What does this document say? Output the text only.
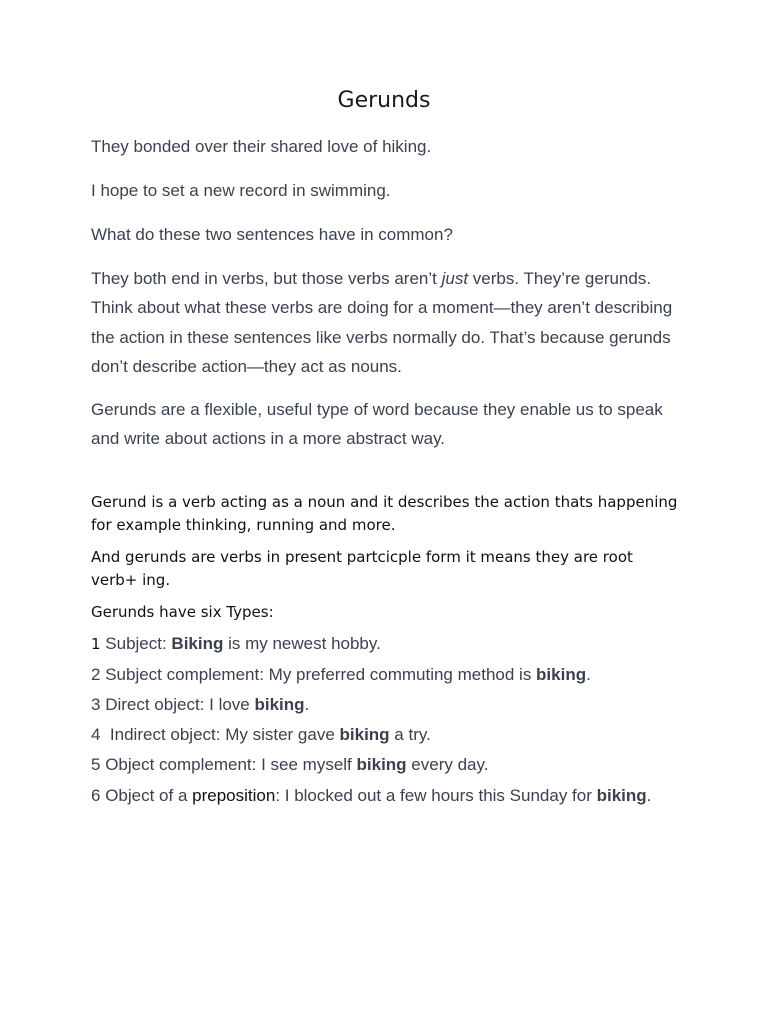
Gerunds

They bonded over their shared love of hiking.

I hope to set a new record in swimming.

What do these two sentences have in common?

They both end in verbs, but those verbs aren’t just verbs. They’re gerunds. Think about what these verbs are doing for a moment—they aren’t describing the action in these sentences like verbs normally do. That’s because gerunds don’t describe action—they act as nouns.

Gerunds are a flexible, useful type of word because they enable us to speak and write about actions in a more abstract way.

Gerund is a verb acting as a noun and it describes the action thats happening for example thinking, running and more.

And gerunds are verbs in present partcicple form it means they are root verb+ ing.

Gerunds have six Types:

1 Subject: Biking is my newest hobby.

2 Subject complement: My preferred commuting method is biking.

3 Direct object: I love biking.

4  Indirect object: My sister gave biking a try.

5 Object complement: I see myself biking every day.

6 Object of a preposition: I blocked out a few hours this Sunday for biking.
